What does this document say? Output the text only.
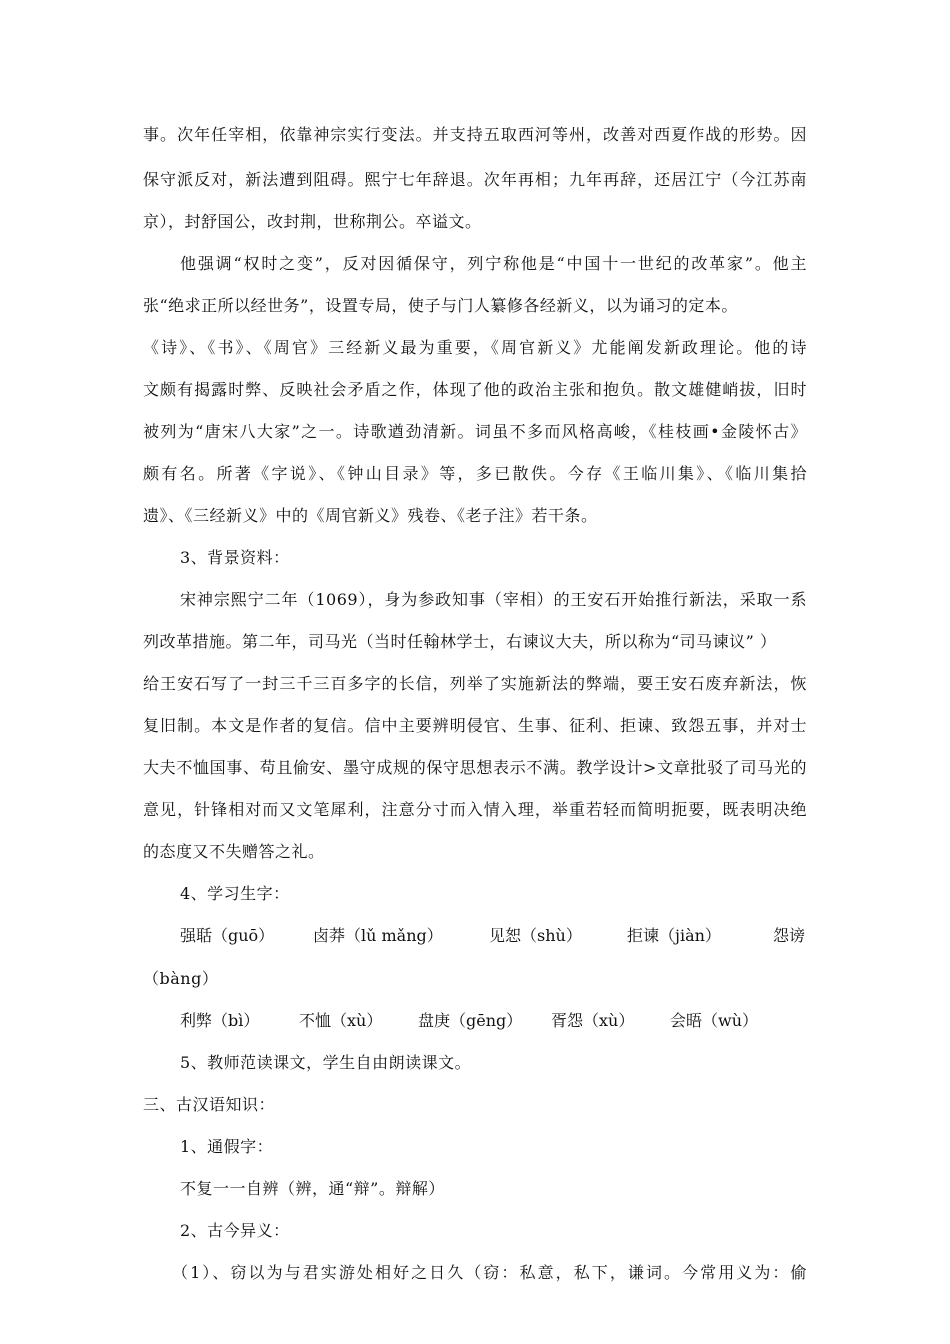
事。次年任宰相，依靠神宗实行变法。并支持五取西河等州，改善对西夏作战的形势。因
保守派反对，新法遭到阻碍。熙宁七年辞退。次年再相；九年再辞，还居江宁（今江苏南
京），封舒国公，改封荆，世称荆公。卒谥文。
他强调“权时之变”，反对因循保守，列宁称他是“中国十一世纪的改革家”。他主
张“绝求正所以经世务”，设置专局，使子与门人纂修各经新义，以为诵习的定本。
《诗》、《书》、《周官》三经新义最为重要，《周官新义》尤能阐发新政理论。他的诗
文颇有揭露时弊、反映社会矛盾之作，体现了他的政治主张和抱负。散文雄健峭拔，旧时
被列为“唐宋八大家”之一。诗歌遒劲清新。词虽不多而风格高峻，《桂枝画•金陵怀古》
颇有名。所著《字说》、《钟山目录》等，多已散佚。今存《王临川集》、《临川集拾
遗》、《三经新义》中的《周官新义》残卷、《老子注》若干条。
3、背景资料：
宋神宗熙宁二年（1069），身为参政知事（宰相）的王安石开始推行新法，采取一系
列改革措施。第二年，司马光（当时任翰林学士，右谏议大夫，所以称为“司马谏议” ）
给王安石写了一封三千三百多字的长信，列举了实施新法的弊端，要王安石废弃新法，恢
复旧制。本文是作者的复信。信中主要辨明侵官、生事、征利、拒谏、致怨五事，并对士
大夫不恤国事、苟且偷安、墨守成规的保守思想表示不满。教学设计>文章批驳了司马光的
意见，针锋相对而又文笔犀利，注意分寸而入情入理，举重若轻而简明扼要，既表明决绝
的态度又不失赠答之礼。
4、学习生字：
强聒（guō） 卤莽（lǔ mǎng）	见恕（shù）	拒谏（jiàn）	怨谤
（bàng）
利弊（bì） 不恤（xù） 盘庚（gēng） 胥怨（xù） 会晤（wù）
5、教师范读课文，学生自由朗读课文。
三、古汉语知识：
1、通假字：
不复一一自辨（辨，通“辩”。辩解）
2、古今异义：
（1）、窃以为与君实游处相好之日久（窃：私意，私下，谦词。今常用义为：偷
